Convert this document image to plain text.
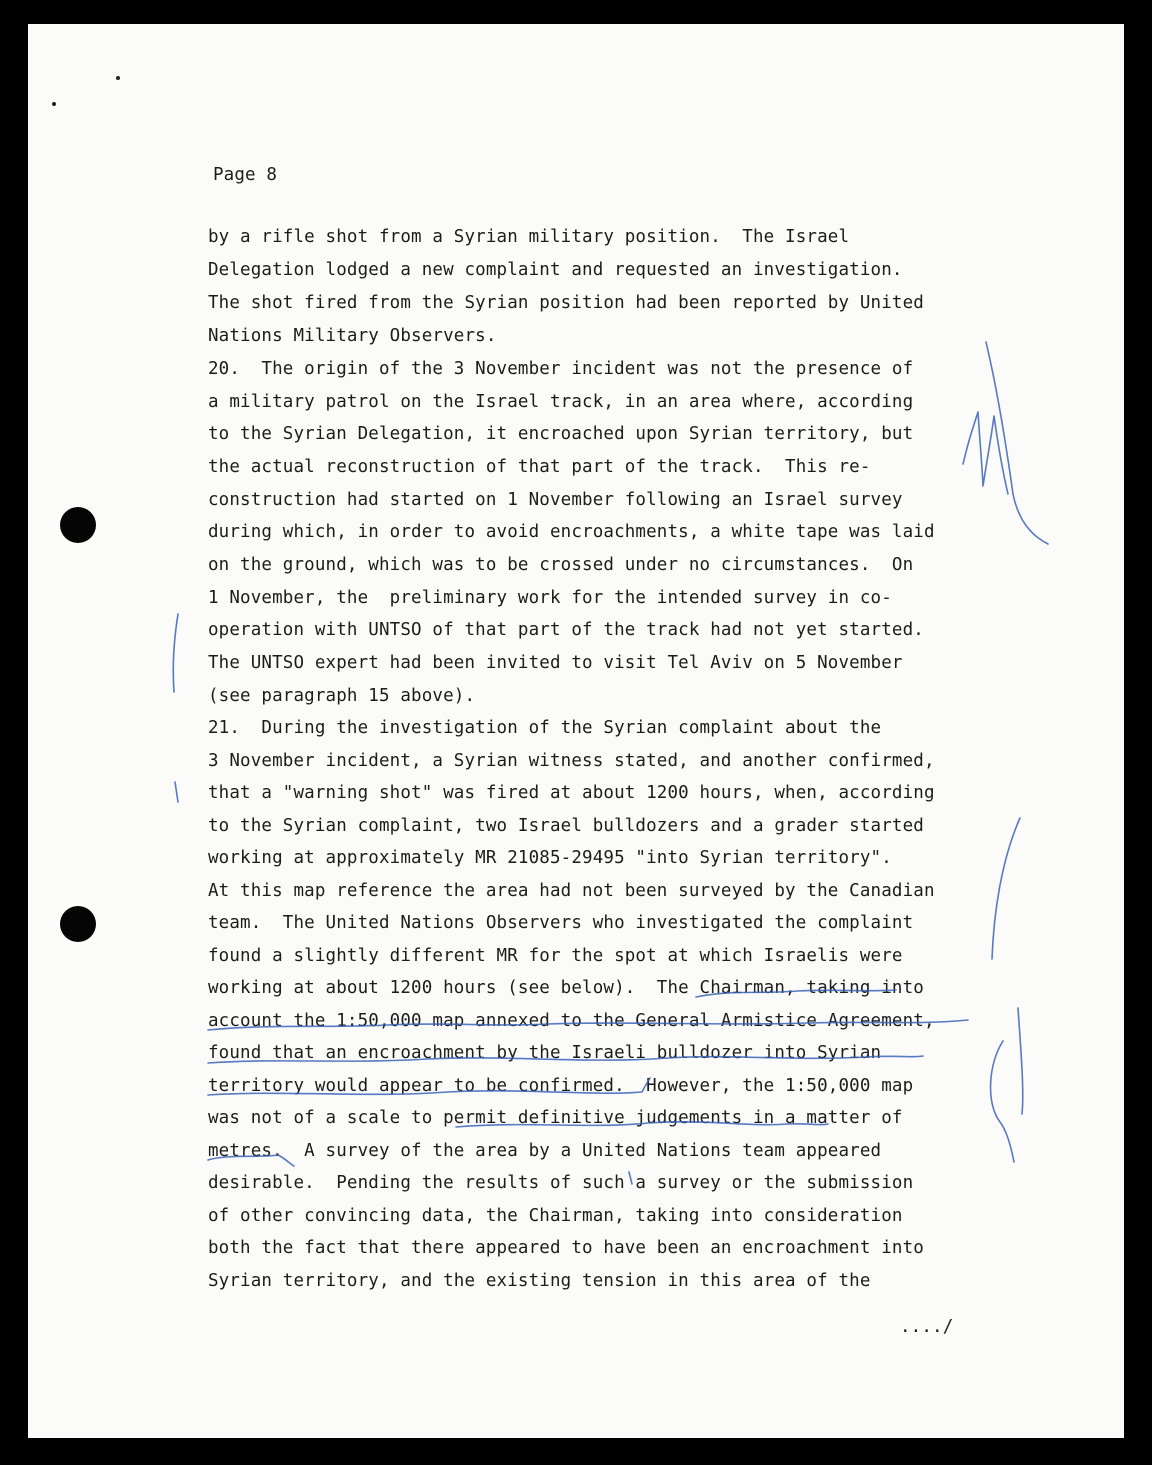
Page 8

by a rifle shot from a Syrian military position.  The Israel

Delegation lodged a new complaint and requested an investigation.

The shot fired from the Syrian position had been reported by United

Nations Military Observers.

20.  The origin of the 3 November incident was not the presence of

a military patrol on the Israel track, in an area where, according

to the Syrian Delegation, it encroached upon Syrian territory, but

the actual reconstruction of that part of the track.  This re-

construction had started on 1 November following an Israel survey

during which, in order to avoid encroachments, a white tape was laid

on the ground, which was to be crossed under no circumstances.  On

1 November, the  preliminary work for the intended survey in co-

operation with UNTSO of that part of the track had not yet started.

The UNTSO expert had been invited to visit Tel Aviv on 5 November

(see paragraph 15 above).

21.  During the investigation of the Syrian complaint about the

3 November incident, a Syrian witness stated, and another confirmed,

that a "warning shot" was fired at about 1200 hours, when, according

to the Syrian complaint, two Israel bulldozers and a grader started

working at approximately MR 21085-29495 "into Syrian territory".

At this map reference the area had not been surveyed by the Canadian

team.  The United Nations Observers who investigated the complaint

found a slightly different MR for the spot at which Israelis were

working at about 1200 hours (see below).  The Chairman, taking into

account the 1:50,000 map annexed to the General Armistice Agreement,

found that an encroachment by the Israeli bulldozer into Syrian

territory would appear to be confirmed.  However, the 1:50,000 map

was not of a scale to permit definitive judgements in a matter of

metres.  A survey of the area by a United Nations team appeared

desirable.  Pending the results of such a survey or the submission

of other convincing data, the Chairman, taking into consideration

both the fact that there appeared to have been an encroachment into

Syrian territory, and the existing tension in this area of the

..../
